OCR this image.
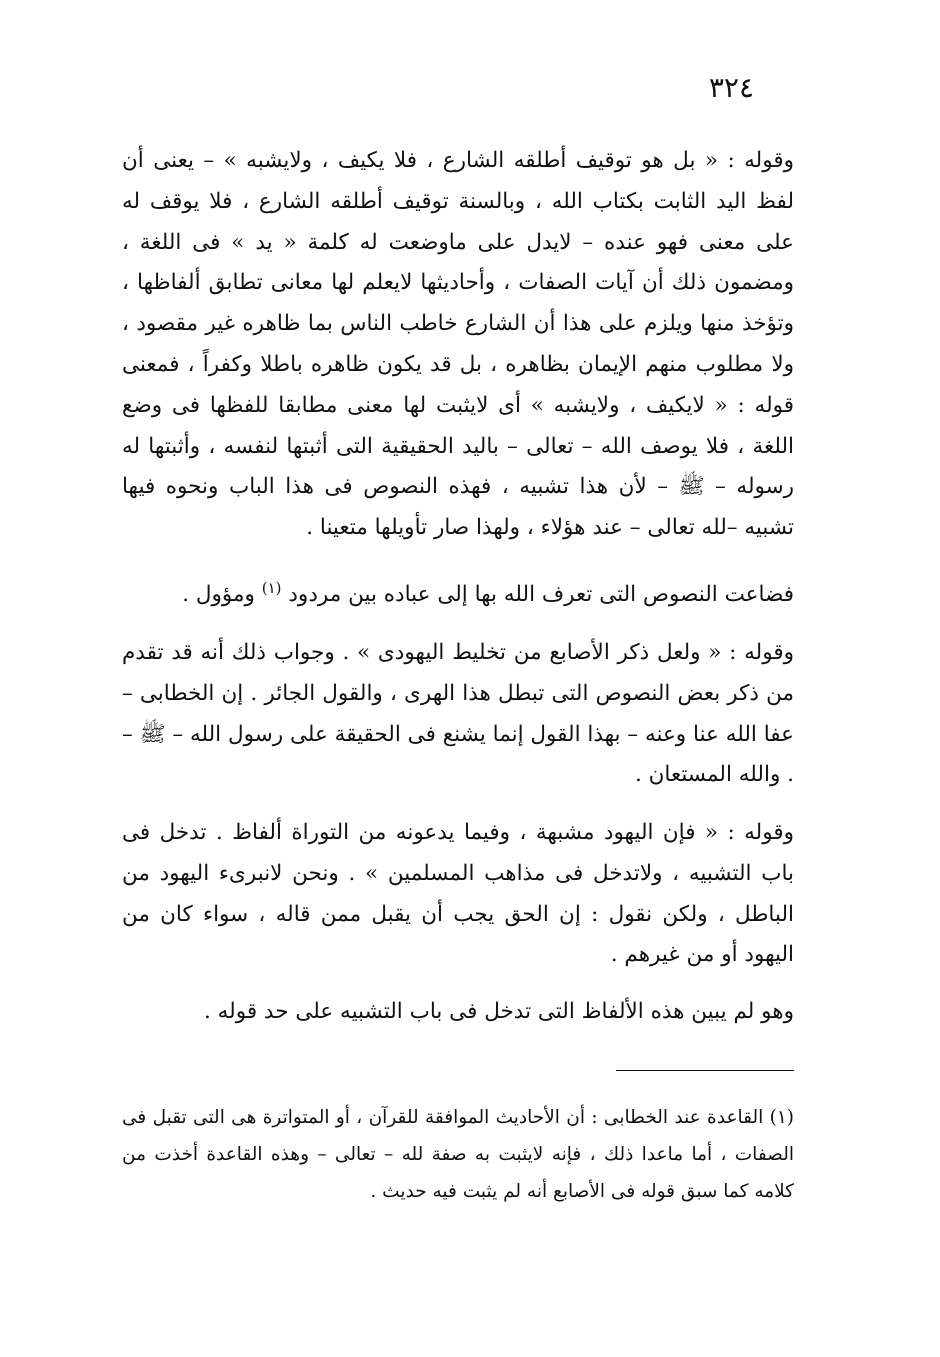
٣٢٤

وقوله : « بل هو توقيف أطلقه الشارع ، فلا يكيف ، ولايشبه » – يعنى أن لفظ اليد الثابت بكتاب الله ، وبالسنة توقيف أطلقه الشارع ، فلا يوقف له على معنى فهو عنده – لايدل على ماوضعت له كلمة « يد » فى اللغة ، ومضمون ذلك أن آيات الصفات ، وأحاديثها لايعلم لها معانى تطابق ألفاظها ، وتؤخذ منها ويلزم على هذا أن الشارع خاطب الناس بما ظاهره غير مقصود ، ولا مطلوب منهم الإيمان بظاهره ، بل قد يكون ظاهره باطلا وكفراً ، فمعنى قوله : « لايكيف ، ولايشبه » أى لايثبت لها معنى مطابقا للفظها فى وضع اللغة ، فلا يوصف الله – تعالى – باليد الحقيقية التى أثبتها لنفسه ، وأثبتها له رسوله – ﷺ – لأن هذا تشبيه ، فهذه النصوص فى هذا الباب ونحوه فيها تشبيه –لله تعالى – عند هؤلاء ، ولهذا صار تأويلها متعينا .

فضاعت النصوص التى تعرف الله بها إلى عباده بين مردود $^{(١)}$ ومؤول .

وقوله : « ولعل ذكر الأصابع من تخليط اليهودى » . وجواب ذلك أنه قد تقدم من ذكر بعض النصوص التى تبطل هذا الهرى ، والقول الجائر . إن الخطابى – عفا الله عنا وعنه – بهذا القول إنما يشنع فى الحقيقة على رسول الله – ﷺ – . والله المستعان .

وقوله : « فإن اليهود مشبهة ، وفيما يدعونه من التوراة ألفاظ . تدخل فى باب التشبيه ، ولاتدخل فى مذاهب المسلمين » . ونحن لانبرىء اليهود من الباطل ، ولكن نقول : إن الحق يجب أن يقبل ممن قاله ، سواء كان من اليهود أو من غيرهم .

وهو لم يبين هذه الألفاظ التى تدخل فى باب التشبيه على حد قوله .

(١) القاعدة عند الخطابى : أن الأحاديث الموافقة للقرآن ، أو المتواترة هى التى تقبل فى الصفات ، أما ماعدا ذلك ، فإنه لايثبت به صفة لله – تعالى – وهذه القاعدة أخذت من كلامه كما سبق قوله فى الأصابع أنه لم يثبت فيه حديث .
